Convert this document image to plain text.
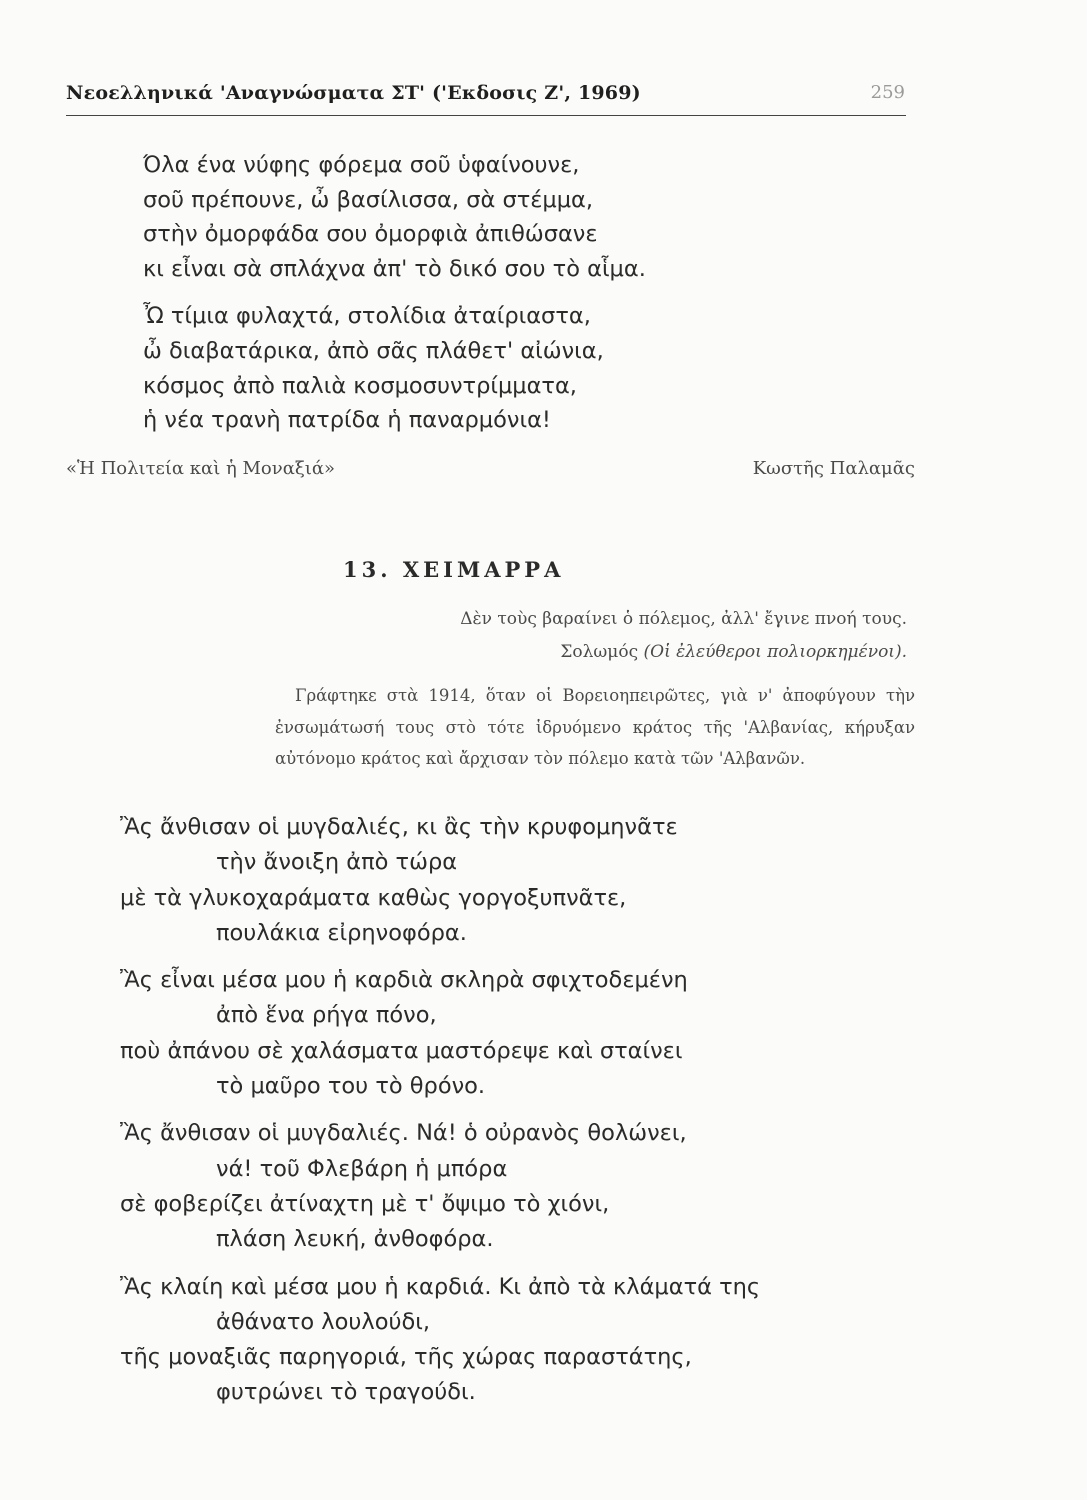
Νεοελληνικά 'Αναγνώσματα ΣΤ' ('Εκδοσις Ζ', 1969)	259
Όλα ένα νύφης φόρεμα σοῦ ὑφαίνουνε,
σοῦ πρέπουνε, ὦ βασίλισσα, σὰ στέμμα,
στὴν ὀμορφάδα σου ὀμορφιὰ ἀπιθώσανε
κι εἶναι σὰ σπλάχνα ἀπ' τὸ δικό σου τὸ αἷμα.
Ὦ τίμια φυλαχτά, στολίδια ἀταίριαστα,
ὦ διαβατάρικα, ἀπὸ σᾶς πλάθετ' αἰώνια,
κόσμος ἀπὸ παλιὰ κοσμοσυντρίμματα,
ἡ νέα τρανὴ πατρίδα ἡ παναρμόνια!
«Ἡ Πολιτεία καὶ ἡ Μοναξιά»	Κωστῆς Παλαμᾶς
13. ΧΕΙΜΑΡΡΑ
Δὲν τοὺς βαραίνει ὁ πόλεμος, ἀλλ' ἔγινε πνοή τους.
Σολωμός (Οἱ ἐλεύθεροι πολιορκημένοι).
Γράφτηκε στὰ 1914, ὅταν οἱ Βορειοηπειρῶτες, γιὰ ν' ἀποφύγουν τὴν ἐνσωμάτωσή τους στὸ τότε ἱδρυόμενο κράτος τῆς 'Αλβανίας, κήρυξαν αὐτόνομο κράτος καὶ ἄρχισαν τὸν πόλεμο κατὰ τῶν 'Αλβανῶν.
Ἂς ἄνθισαν οἱ μυγδαλιές, κι ἂς τὴν κρυφομηνᾶτε
τὴν ἄνοιξη ἀπὸ τώρα
μὲ τὰ γλυκοχαράματα καθὼς γοργοξυπνᾶτε,
πουλάκια εἰρηνοφόρα.
Ἂς εἶναι μέσα μου ἡ καρδιὰ σκληρὰ σφιχτοδεμένη
ἀπὸ ἕνα ρήγα πόνο,
ποὺ ἀπάνου σὲ χαλάσματα μαστόρεψε καὶ σταίνει
τὸ μαῦρο του τὸ θρόνο.
Ἂς ἄνθισαν οἱ μυγδαλιές. Νά! ὁ οὐρανὸς θολώνει,
νά! τοῦ Φλεβάρη ἡ μπόρα
σὲ φοβερίζει ἀτίναχτη μὲ τ' ὄψιμο τὸ χιόνι,
πλάση λευκή, ἀνθοφόρα.
Ἂς κλαίη καὶ μέσα μου ἡ καρδιά. Κι ἀπὸ τὰ κλάματά της
ἀθάνατο λουλούδι,
τῆς μοναξιᾶς παρηγοριά, τῆς χώρας παραστάτης,
φυτρώνει τὸ τραγούδι.
